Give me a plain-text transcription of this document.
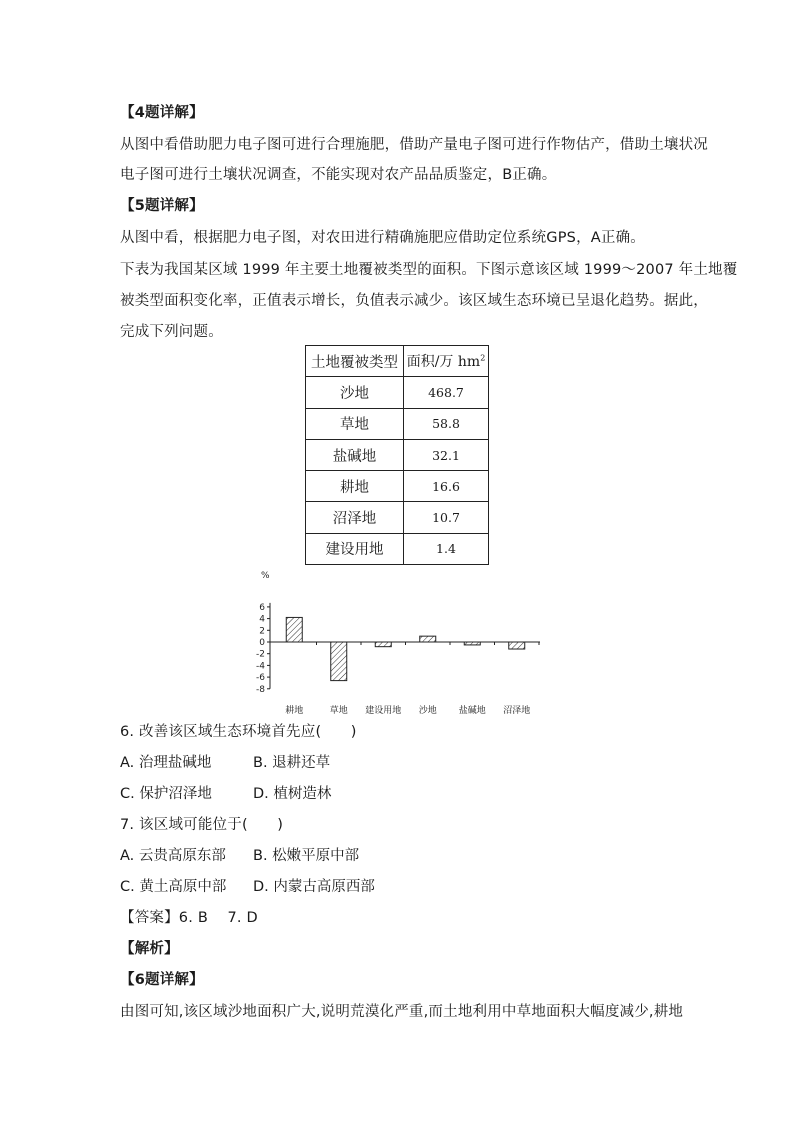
【4题详解】
从图中看借助肥力电子图可进行合理施肥，借助产量电子图可进行作物估产，借助土壤状况
电子图可进行土壤状况调查，不能实现对农产品品质鉴定，B正确。
【5题详解】
从图中看，根据肥力电子图，对农田进行精确施肥应借助定位系统GPS，A正确。
下表为我国某区域 1999 年主要土地覆被类型的面积。下图示意该区域 1999～2007 年土地覆
被类型面积变化率，正值表示增长，负值表示减少。该区域生态环境已呈退化趋势。据此，
完成下列问题。
土地覆被类型	面积/万 $hm^2$
沙地	468.7
草地	58.8
盐碱地	32.1
耕地	16.6
沼泽地	10.7
建设用地	1.4
%
6
4
2
0
-2
-4
-6
-8
耕地	草地 建设用地 沙地 盐碱地 沼泽地
6. 改善该区域生态环境首先应(　　)
A. 治理盐碱地	B. 退耕还草
C. 保护沼泽地	D. 植树造林
7. 该区域可能位于(　　)
A. 云贵高原东部 B. 松嫩平原中部
C. 黄土高原中部 D. 内蒙古高原西部
【答案】6. B　 7. D
【解析】
【6题详解】
由图可知,该区域沙地面积广大,说明荒漠化严重,而土地利用中草地面积大幅度减少,耕地
